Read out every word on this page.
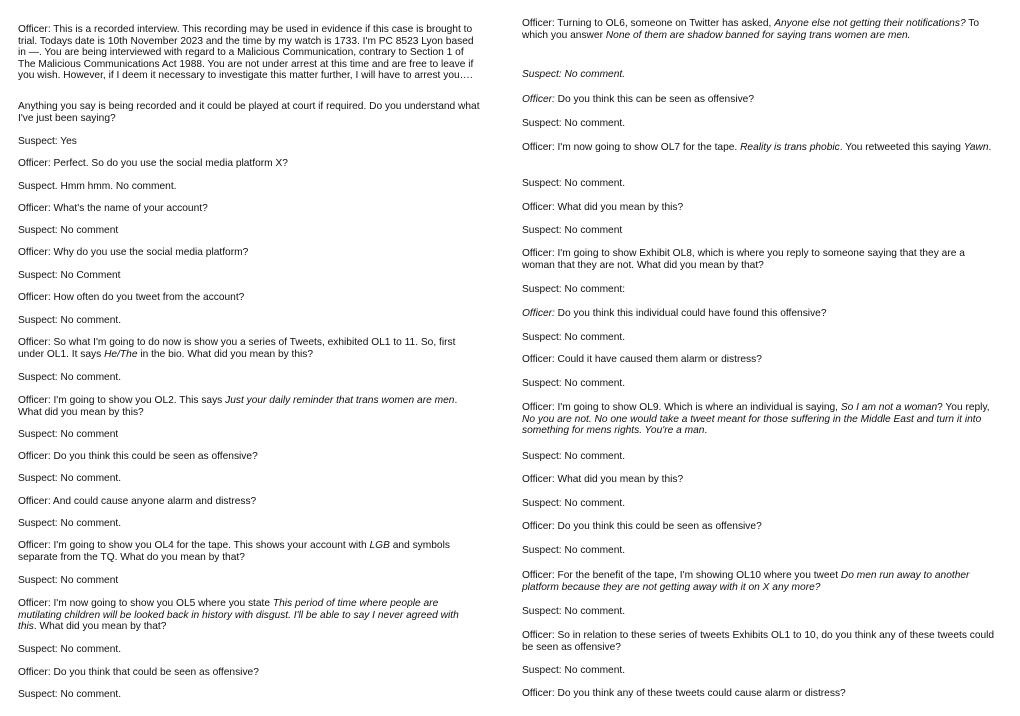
Officer: This is a recorded interview. This recording may be used in evidence if this case is brought to trial. Todays date is 10th November 2023 and the time by my watch is 1733. I'm PC 8523 Lyon based in —. You are being interviewed with regard to a Malicious Communication, contrary to Section 1 of The Malicious Communications Act 1988. You are not under arrest at this time and are free to leave if you wish. However, if I deem it necessary to investigate this matter further, I will have to arrest you….

Anything you say is being recorded and it could be played at court if required. Do you understand what I've just been saying?

Suspect: Yes

Officer: Perfect. So do you use the social media platform X?

Suspect. Hmm hmm. No comment.

Officer: What's the name of your account?

Suspect: No comment

Officer: Why do you use the social media platform?

Suspect: No Comment

Officer: How often do you tweet from the account?

Suspect: No comment.

Officer: So what I'm going to do now is show you a series of Tweets, exhibited OL1 to 11. So, first under OL1. It says He/The in the bio. What did you mean by this?

Suspect: No comment.

Officer: I'm going to show you OL2. This says Just your daily reminder that trans women are men. What did you mean by this?

Suspect: No comment

Officer: Do you think this could be seen as offensive?

Suspect: No comment.

Officer: And could cause anyone alarm and distress?

Suspect: No comment.

Officer: I'm going to show you OL4 for the tape. This shows your account with LGB and symbols separate from the TQ. What do you mean by that?

Suspect: No comment

Officer: I'm now going to show you OL5 where you state This period of time where people are mutilating children will be looked back in history with disgust. I'll be able to say I never agreed with this. What did you mean by that?

Suspect: No comment.

Officer: Do you think that could be seen as offensive?

Suspect: No comment.

Officer: Turning to OL6, someone on Twitter has asked, Anyone else not getting their notifications? To which you answer None of them are shadow banned for saying trans women are men.

Suspect: No comment.

Officer: Do you think this can be seen as offensive?

Suspect: No comment.

Officer: I'm now going to show OL7 for the tape. Reality is trans phobic. You retweeted this saying Yawn.

Suspect: No comment.

Officer: What did you mean by this?

Suspect: No comment

Officer: I'm going to show Exhibit OL8, which is where you reply to someone saying that they are a woman that they are not. What did you mean by that?

Suspect: No comment:

Officer: Do you think this individual could have found this offensive?

Suspect: No comment.

Officer: Could it have caused them alarm or distress?

Suspect: No comment.

Officer: I'm going to show OL9. Which is where an individual is saying, So I am not a woman? You reply, No you are not. No one would take a tweet meant for those suffering in the Middle East and turn it into something for mens rights. You're a man.

Suspect: No comment.

Officer: What did you mean by this?

Suspect: No comment.

Officer: Do you think this could be seen as offensive?

Suspect: No comment.

Officer: For the benefit of the tape, I'm showing OL10 where you tweet Do men run away to another platform because they are not getting away with it on X any more?

Suspect: No comment.

Officer: So in relation to these series of tweets Exhibits OL1 to 10, do you think any of these tweets could be seen as offensive?

Suspect: No comment.

Officer: Do you think any of these tweets could cause alarm or distress?
